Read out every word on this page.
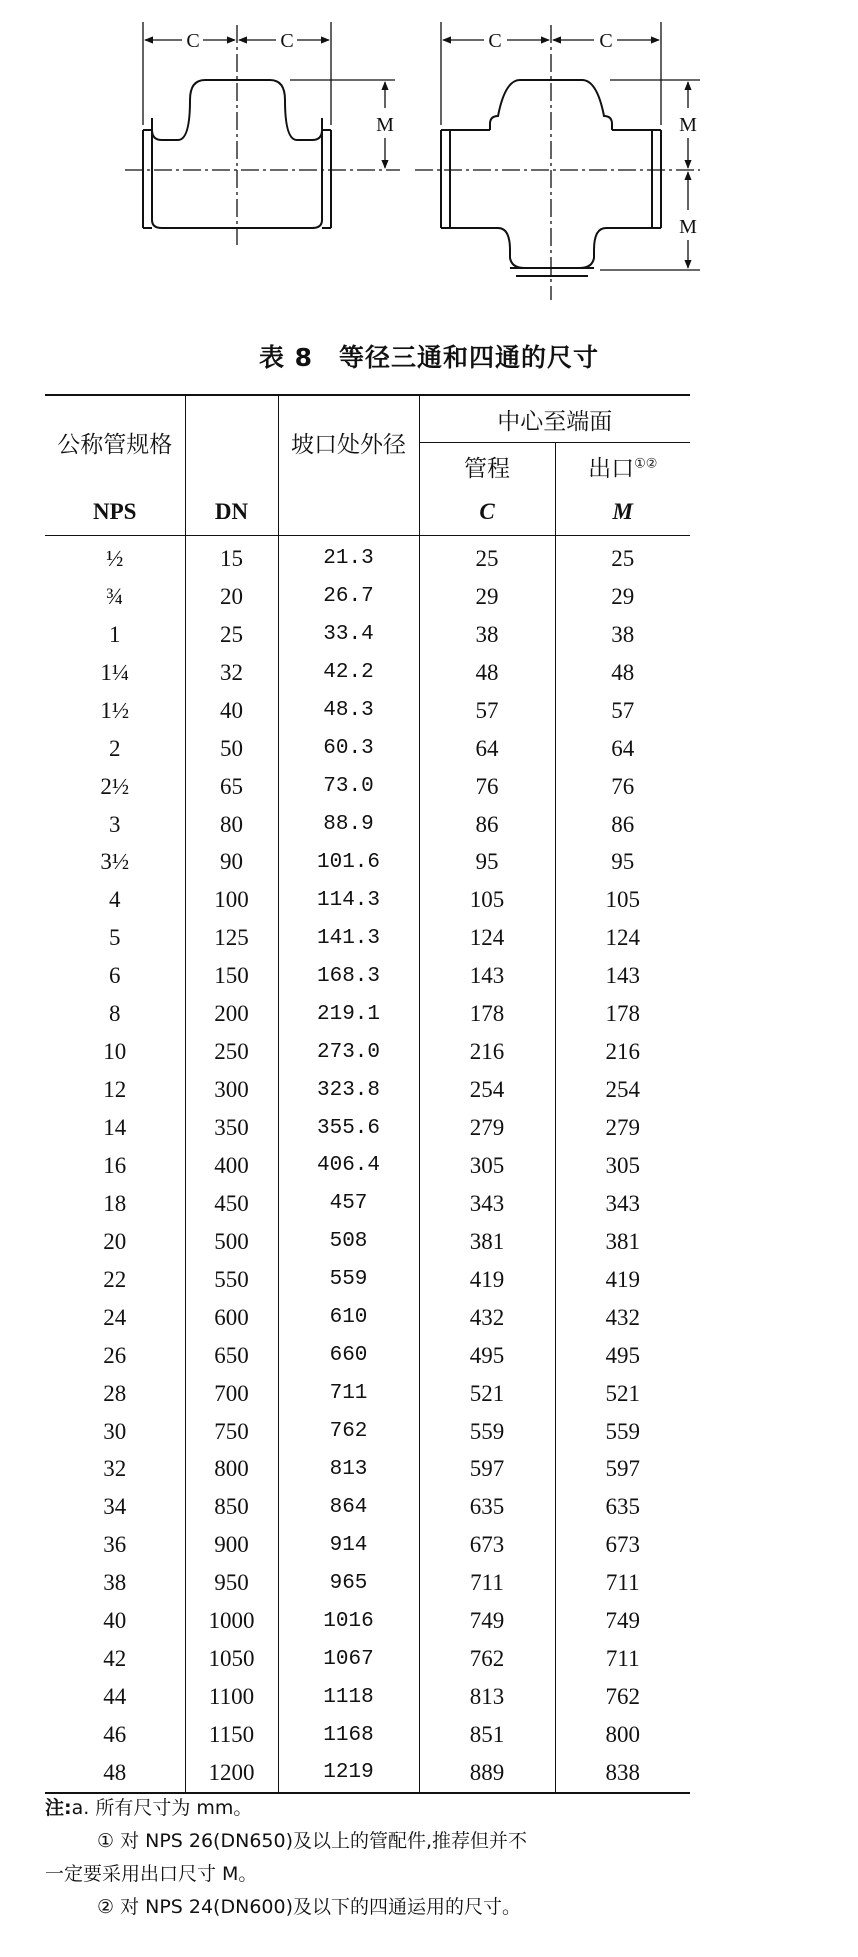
C	C
M
C	C
M
M
表 8　等径三通和四通的尺寸
公称管规格		坡口处外径	中心至端面	
			管程	出口①②
NPS	DN		C	M
½	15	21.3	25	25
¾	20	26.7	29	29
1	25	33.4	38	38
1¼	32	42.2	48	48
1½	40	48.3	57	57
2	50	60.3	64	64
2½	65	73.0	76	76
3	80	88.9	86	86
3½	90	101.6	95	95
4	100	114.3	105	105
5	125	141.3	124	124
6	150	168.3	143	143
8	200	219.1	178	178
10	250	273.0	216	216
12	300	323.8	254	254
14	350	355.6	279	279
16	400	406.4	305	305
18	450	457	343	343
20	500	508	381	381
22	550	559	419	419
24	600	610	432	432
26	650	660	495	495
28	700	711	521	521
30	750	762	559	559
32	800	813	597	597
34	850	864	635	635
36	900	914	673	673
38	950	965	711	711
40	1000	1016	749	749
42	1050	1067	762	711
44	1100	1118	813	762
46	1150	1168	851	800
48	1200	1219	889	838
注:a. 所有尺寸为 mm。
① 对 NPS 26(DN650)及以上的管配件,推荐但并不
一定要采用出口尺寸 M。
② 对 NPS 24(DN600)及以下的四通运用的尺寸。
